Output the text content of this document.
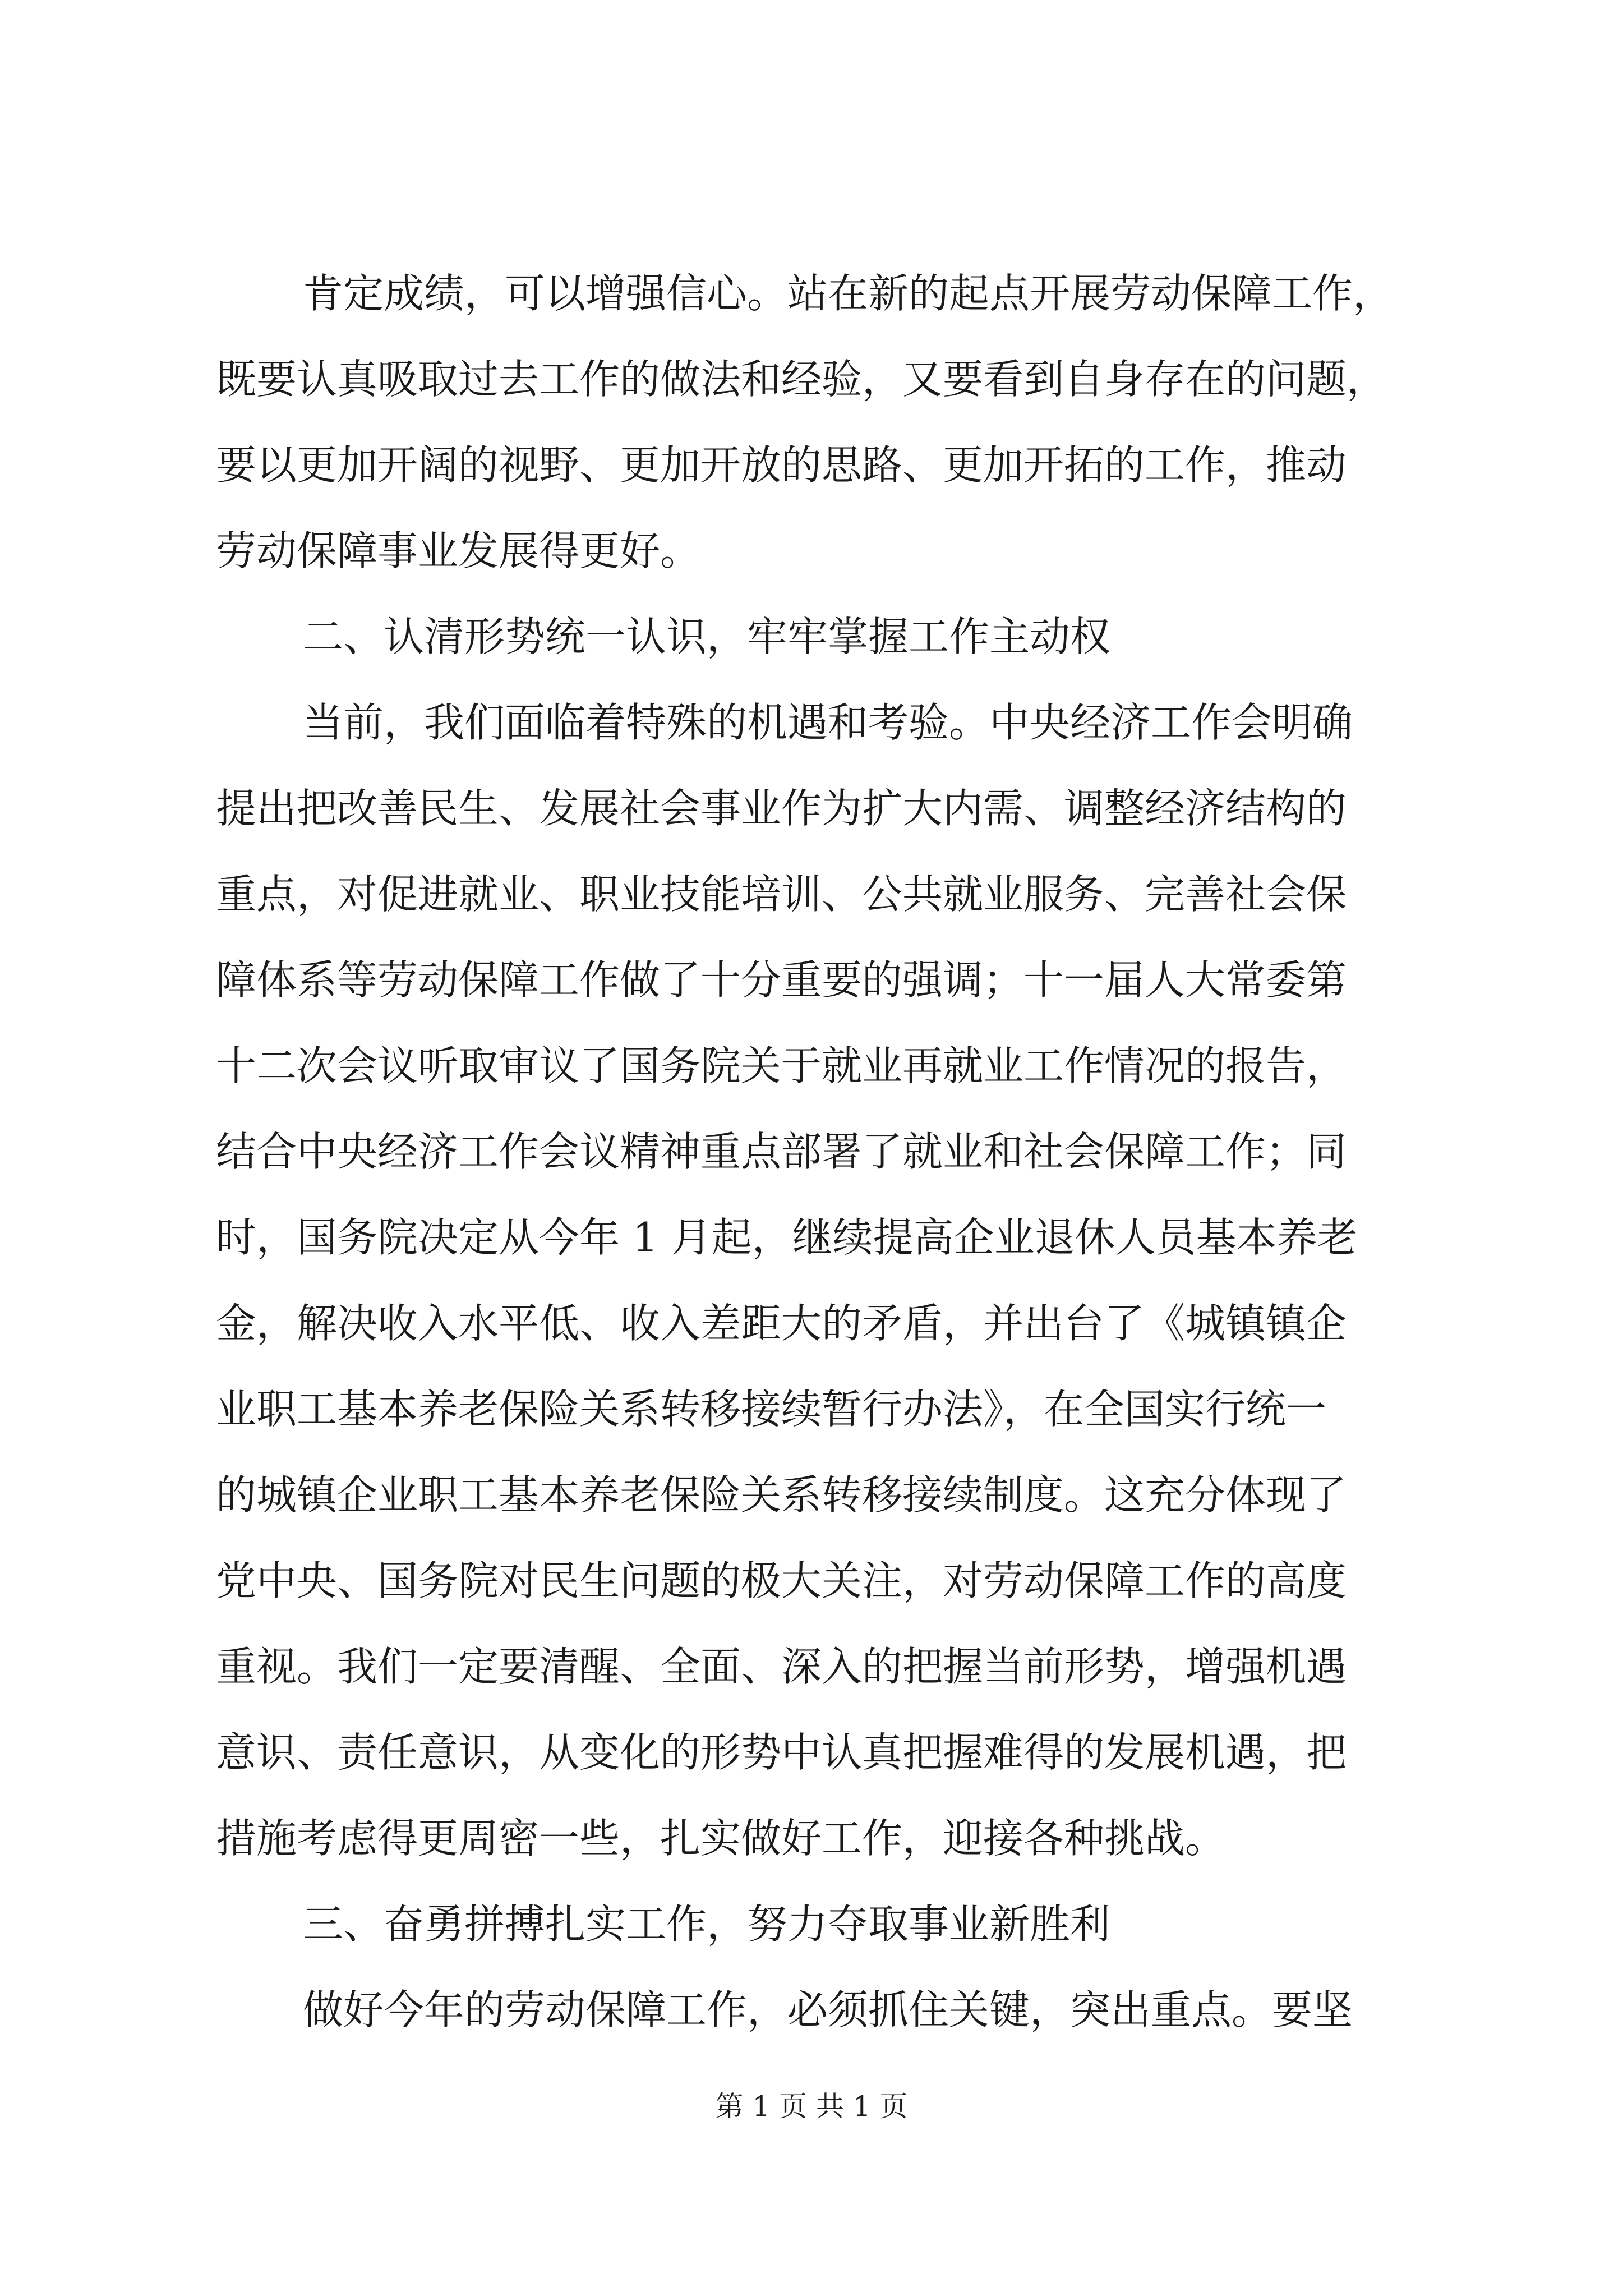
肯定成绩，可以增强信心。站在新的起点开展劳动保障工作，
既要认真吸取过去工作的做法和经验，又要看到自身存在的问题，
要以更加开阔的视野、更加开放的思路、更加开拓的工作，推动
劳动保障事业发展得更好。
二、认清形势统一认识，牢牢掌握工作主动权
当前，我们面临着特殊的机遇和考验。中央经济工作会明确
提出把改善民生、发展社会事业作为扩大内需、调整经济结构的
重点，对促进就业、职业技能培训、公共就业服务、完善社会保
障体系等劳动保障工作做了十分重要的强调；十一届人大常委第
十二次会议听取审议了国务院关于就业再就业工作情况的报告，
结合中央经济工作会议精神重点部署了就业和社会保障工作；同
时，国务院决定从今年 1 月起，继续提高企业退休人员基本养老
金，解决收入水平低、收入差距大的矛盾，并出台了《城镇镇企
业职工基本养老保险关系转移接续暂行办法》，在全国实行统一
的城镇企业职工基本养老保险关系转移接续制度。这充分体现了
党中央、国务院对民生问题的极大关注，对劳动保障工作的高度
重视。我们一定要清醒、全面、深入的把握当前形势，增强机遇
意识、责任意识，从变化的形势中认真把握难得的发展机遇，把
措施考虑得更周密一些，扎实做好工作，迎接各种挑战。
三、奋勇拼搏扎实工作，努力夺取事业新胜利
做好今年的劳动保障工作，必须抓住关键，突出重点。要坚
第 1 页 共 1 页
